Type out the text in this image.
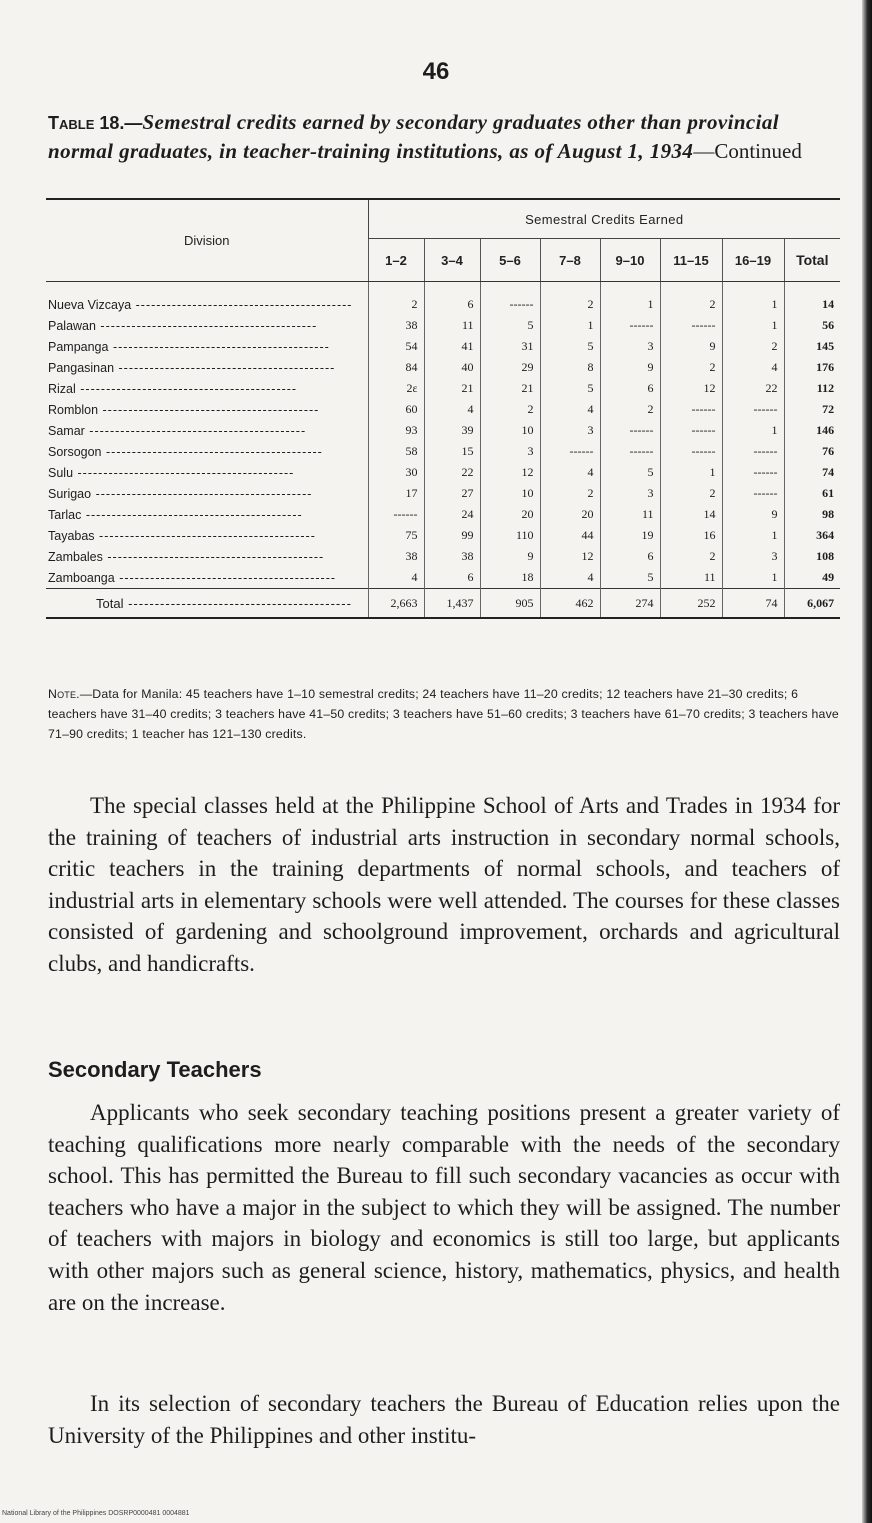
46
Table 18.—Semestral credits earned by secondary graduates other than provincial normal graduates, in teacher-training institutions, as of August 1, 1934—Continued
Division	Semestral Credits Earned							
	1–2	3–4	5–6	7–8	9–10	11–15	16–19	Total
Nueva Vizcaya -----	2	6	------	2	1	2	1	14
Palawan -----	38	11	5	1	------	------	1	56
Pampanga -----	54	41	31	5	3	9	2	145
Pangasinan -----	84	40	29	8	9	2	4	176
Rizal -----	2ɛ	21	21	5	6	12	22	112
Romblon -----	60	4	2	4	2	------	------	72
Samar -----	93	39	10	3	------	------	1	146
Sorsogon -----	58	15	3	------	------	------	------	76
Sulu -----	30	22	12	4	5	1	------	74
Surigao -----	17	27	10	2	3	2	------	61
Tarlac -----	------	24	20	20	11	14	9	98
Tayabas -----	75	99	110	44	19	16	1	364
Zambales -----	38	38	9	12	6	2	3	108
Zamboanga -----	4	6	18	4	5	11	1	49
Total -----	2,663	1,437	905	462	274	252	74	6,067
Note.—Data for Manila: 45 teachers have 1–10 semestral credits; 24 teachers have 11–20 credits; 12 teachers have 21–30 credits; 6 teachers have 31–40 credits; 3 teachers have 41–50 credits; 3 teachers have 51–60 credits; 3 teachers have 61–70 credits; 3 teachers have 71–90 credits; 1 teacher has 121–130 credits.

The special classes held at the Philippine School of Arts and Trades in 1934 for the training of teachers of industrial arts instruction in secondary normal schools, critic teachers in the training departments of normal schools, and teachers of industrial arts in elementary schools were well attended. The courses for these classes consisted of gardening and schoolground improvement, orchards and agricultural clubs, and handicrafts.

Secondary Teachers

Applicants who seek secondary teaching positions present a greater variety of teaching qualifications more nearly comparable with the needs of the secondary school. This has permitted the Bureau to fill such secondary vacancies as occur with teachers who have a major in the subject to which they will be assigned. The number of teachers with majors in biology and economics is still too large, but applicants with other majors such as general science, history, mathematics, physics, and health are on the increase.

In its selection of secondary teachers the Bureau of Education relies upon the University of the Philippines and other institu-

National Library of the Philippines DOSRP0000481 0004881
